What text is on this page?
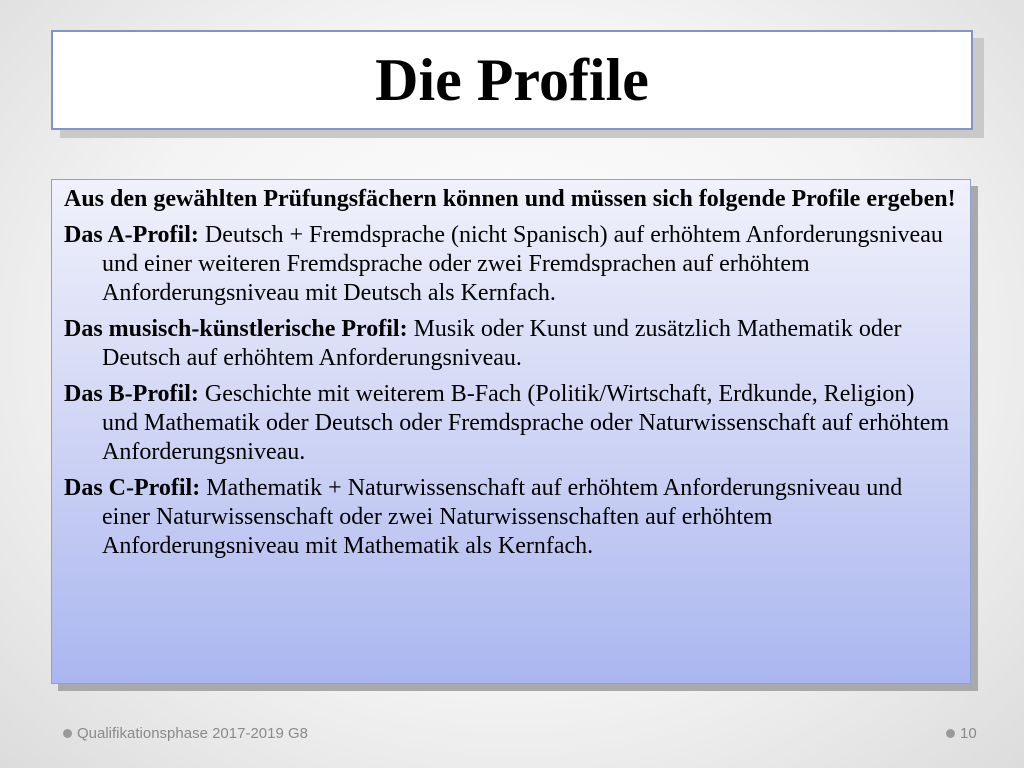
Die Profile

Aus den gewählten Prüfungsfächern können und müssen sich folgende Profile ergeben!

Das A-Profil: Deutsch + Fremdsprache (nicht Spanisch) auf erhöhtem Anforderungsniveau und einer weiteren Fremdsprache oder zwei Fremdsprachen auf erhöhtem Anforderungsniveau mit Deutsch als Kernfach.

Das musisch-künstlerische Profil: Musik oder Kunst und zusätzlich Mathematik oder Deutsch auf erhöhtem Anforderungsniveau.

Das B-Profil: Geschichte mit weiterem B-Fach (Politik/Wirtschaft, Erdkunde, Religion) und Mathematik oder Deutsch oder Fremdsprache oder Naturwissenschaft auf erhöhtem Anforderungsniveau.

Das C-Profil: Mathematik + Naturwissenschaft auf erhöhtem Anforderungsniveau und einer Naturwissenschaft oder zwei Naturwissenschaften auf erhöhtem Anforderungsniveau mit Mathematik als Kernfach.

Qualifikationsphase 2017-2019 G8	10
